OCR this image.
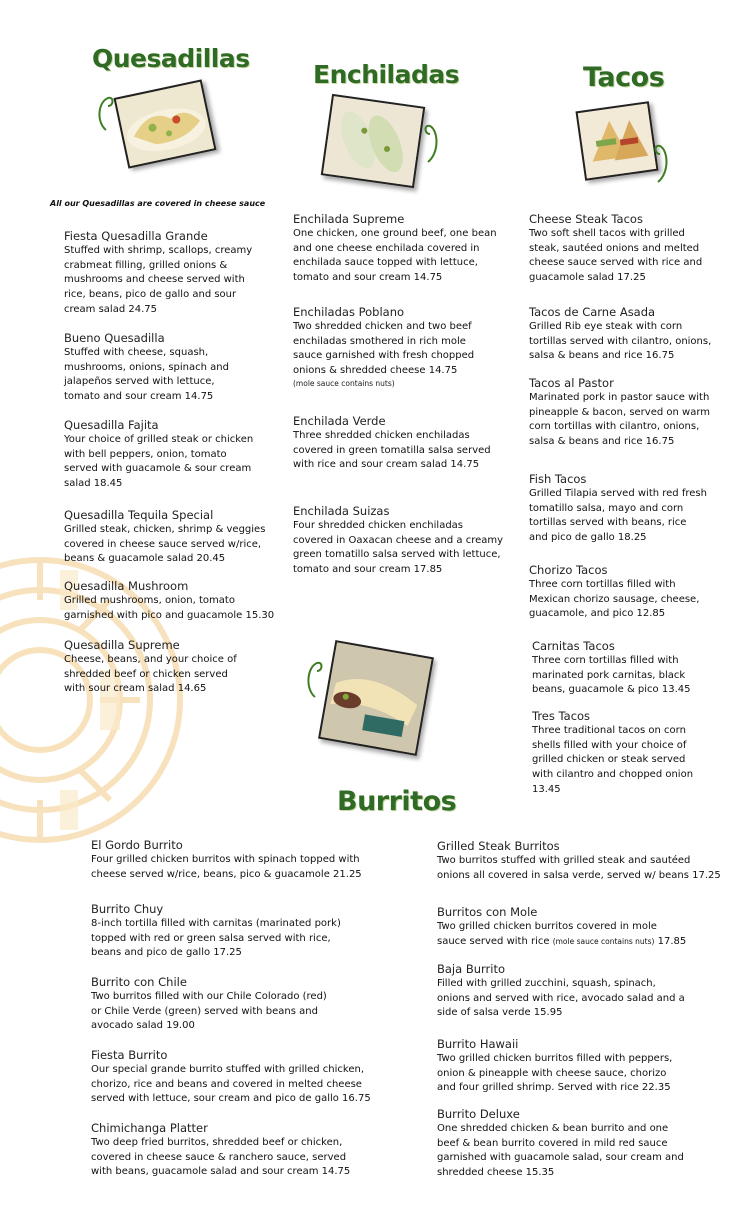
Quesadillas
Enchiladas	Tacos
Burritos
All our Quesadillas are covered in cheese sauce
Fiesta Quesadilla Grande
Stuffed with shrimp, scallops, creamy
crabmeat filling, grilled onions &
mushrooms and cheese served with
rice, beans, pico de gallo and sour
cream salad 24.75
Bueno Quesadilla
Stuffed with cheese, squash,
mushrooms, onions, spinach and
jalapeños served with lettuce,
tomato and sour cream 14.75
Quesadilla Fajita
Your choice of grilled steak or chicken
with bell peppers, onion, tomato
served with guacamole & sour cream
salad 18.45
Quesadilla Tequila Special
Grilled steak, chicken, shrimp & veggies
covered in cheese sauce served w/rice,
beans & guacamole salad 20.45
Quesadilla Mushroom
Grilled mushrooms, onion, tomato
garnished with pico and guacamole 15.30
Quesadilla Supreme
Cheese, beans, and your choice of
shredded beef or chicken served
with sour cream salad 14.65
Enchilada Supreme
One chicken, one ground beef, one bean
and one cheese enchilada covered in
enchilada sauce topped with lettuce,
tomato and sour cream 14.75
Enchiladas Poblano
Two shredded chicken and two beef
enchiladas smothered in rich mole
sauce garnished with fresh chopped
onions & shredded cheese 14.75
(mole sauce contains nuts)
Enchilada Verde
Three shredded chicken enchiladas
covered in green tomatilla salsa served
with rice and sour cream salad 14.75
Enchilada Suizas
Four shredded chicken enchiladas
covered in Oaxacan cheese and a creamy
green tomatillo salsa served with lettuce,
tomato and sour cream 17.85
Cheese Steak Tacos
Two soft shell tacos with grilled
steak, sautéed onions and melted
cheese sauce served with rice and
guacamole salad 17.25
Tacos de Carne Asada
Grilled Rib eye steak with corn
tortillas served with cilantro, onions,
salsa & beans and rice 16.75
Tacos al Pastor
Marinated pork in pastor sauce with
pineapple & bacon, served on warm
corn tortillas with cilantro, onions,
salsa & beans and rice 16.75
Fish Tacos
Grilled Tilapia served with red fresh
tomatillo salsa, mayo and corn
tortillas served with beans, rice
and pico de gallo 18.25
Chorizo Tacos
Three corn tortillas filled with
Mexican chorizo sausage, cheese,
guacamole, and pico 12.85
Carnitas Tacos
Three corn tortillas filled with
marinated pork carnitas, black
beans, guacamole & pico 13.45
Tres Tacos
Three traditional tacos on corn
shells filled with your choice of
grilled chicken or steak served
with cilantro and chopped onion
13.45
El Gordo Burrito
Four grilled chicken burritos with spinach topped with
cheese served w/rice, beans, pico & guacamole 21.25
Burrito Chuy
8-inch tortilla filled with carnitas (marinated pork)
topped with red or green salsa served with rice,
beans and pico de gallo 17.25
Burrito con Chile
Two burritos filled with our Chile Colorado (red)
or Chile Verde (green) served with beans and
avocado salad 19.00
Fiesta Burrito
Our special grande burrito stuffed with grilled chicken,
chorizo, rice and beans and covered in melted cheese
served with lettuce, sour cream and pico de gallo 16.75
Chimichanga Platter
Two deep fried burritos, shredded beef or chicken,
covered in cheese sauce & ranchero sauce, served
with beans, guacamole salad and sour cream 14.75
Grilled Steak Burritos
Two burritos stuffed with grilled steak and sautéed
onions all covered in salsa verde, served w/ beans 17.25
Burritos con Mole
Two grilled chicken burritos covered in mole
sauce served with rice (mole sauce contains nuts) 17.85
Baja Burrito
Filled with grilled zucchini, squash, spinach,
onions and served with rice, avocado salad and a
side of salsa verde 15.95
Burrito Hawaii
Two grilled chicken burritos filled with peppers,
onion & pineapple with cheese sauce, chorizo
and four grilled shrimp. Served with rice 22.35
Burrito Deluxe
One shredded chicken & bean burrito and one
beef & bean burrito covered in mild red sauce
garnished with guacamole salad, sour cream and
shredded cheese 15.35
